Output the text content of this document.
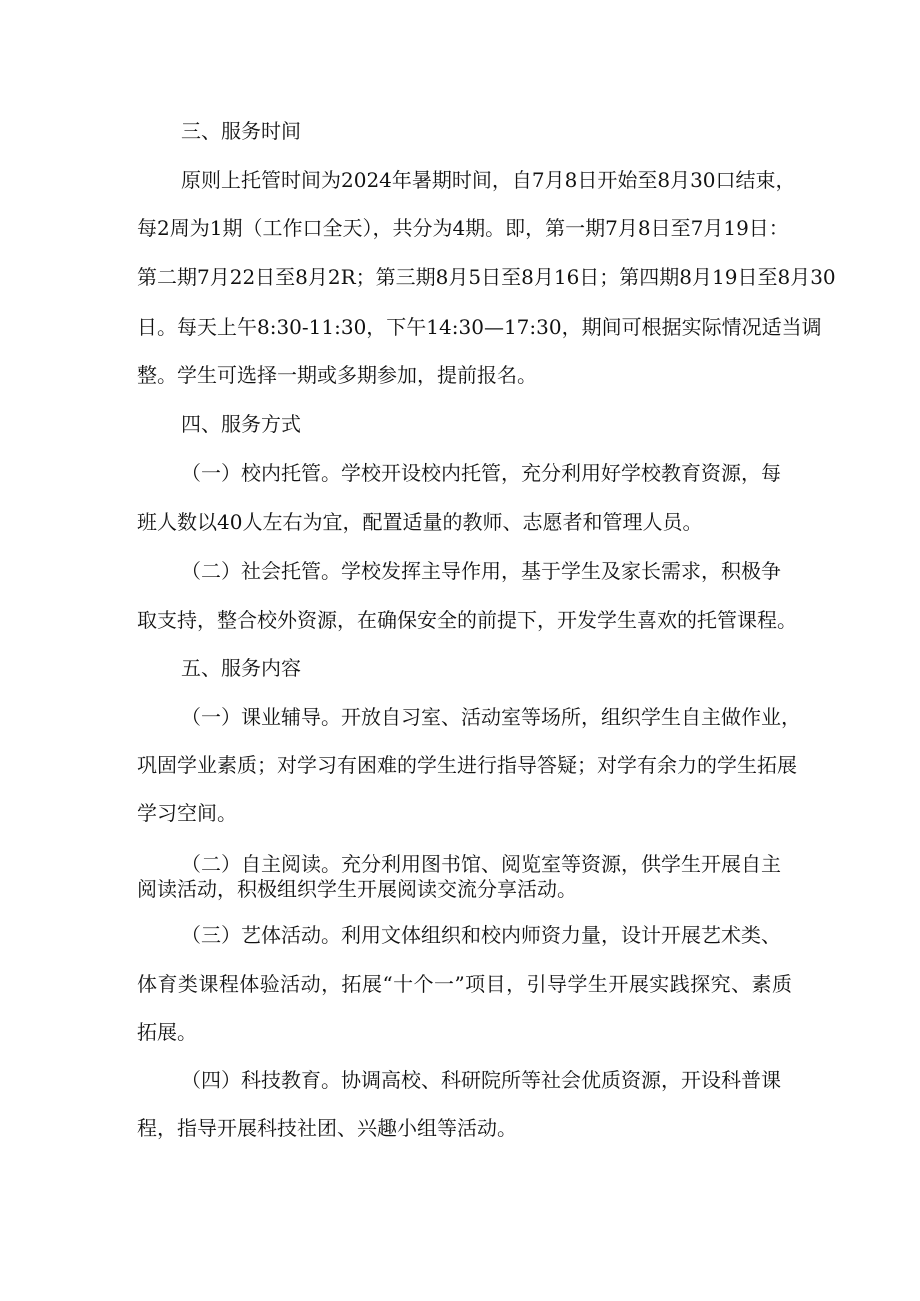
三、服务时间
原则上托管时间为2024年暑期时间，自7月8日开始至8月30口结束，
每2周为1期（工作口全天），共分为4期。即，第一期7月8日至7月19日：
第二期7月22日至8月2R；第三期8月5日至8月16日；第四期8月19日至8月30
日。每天上午8:30-11:30，下午14:30—17:30，期间可根据实际情况适当调
整。学生可选择一期或多期参加，提前报名。
四、服务方式
（一）校内托管。学校开设校内托管，充分利用好学校教育资源，每
班人数以40人左右为宜，配置适量的教师、志愿者和管理人员。
（二）社会托管。学校发挥主导作用，基于学生及家长需求，积极争
取支持，整合校外资源，在确保安全的前提下，开发学生喜欢的托管课程。
五、服务内容
（一）课业辅导。开放自习室、活动室等场所，组织学生自主做作业，
巩固学业素质；对学习有困难的学生进行指导答疑；对学有余力的学生拓展
学习空间。
（二）自主阅读。充分利用图书馆、阅览室等资源，供学生开展自主
阅读活动，积极组织学生开展阅读交流分享活动。
（三）艺体活动。利用文体组织和校内师资力量，设计开展艺术类、
体育类课程体验活动，拓展“十个一”项目，引导学生开展实践探究、素质
拓展。
（四）科技教育。协调高校、科研院所等社会优质资源，开设科普课
程，指导开展科技社团、兴趣小组等活动。
